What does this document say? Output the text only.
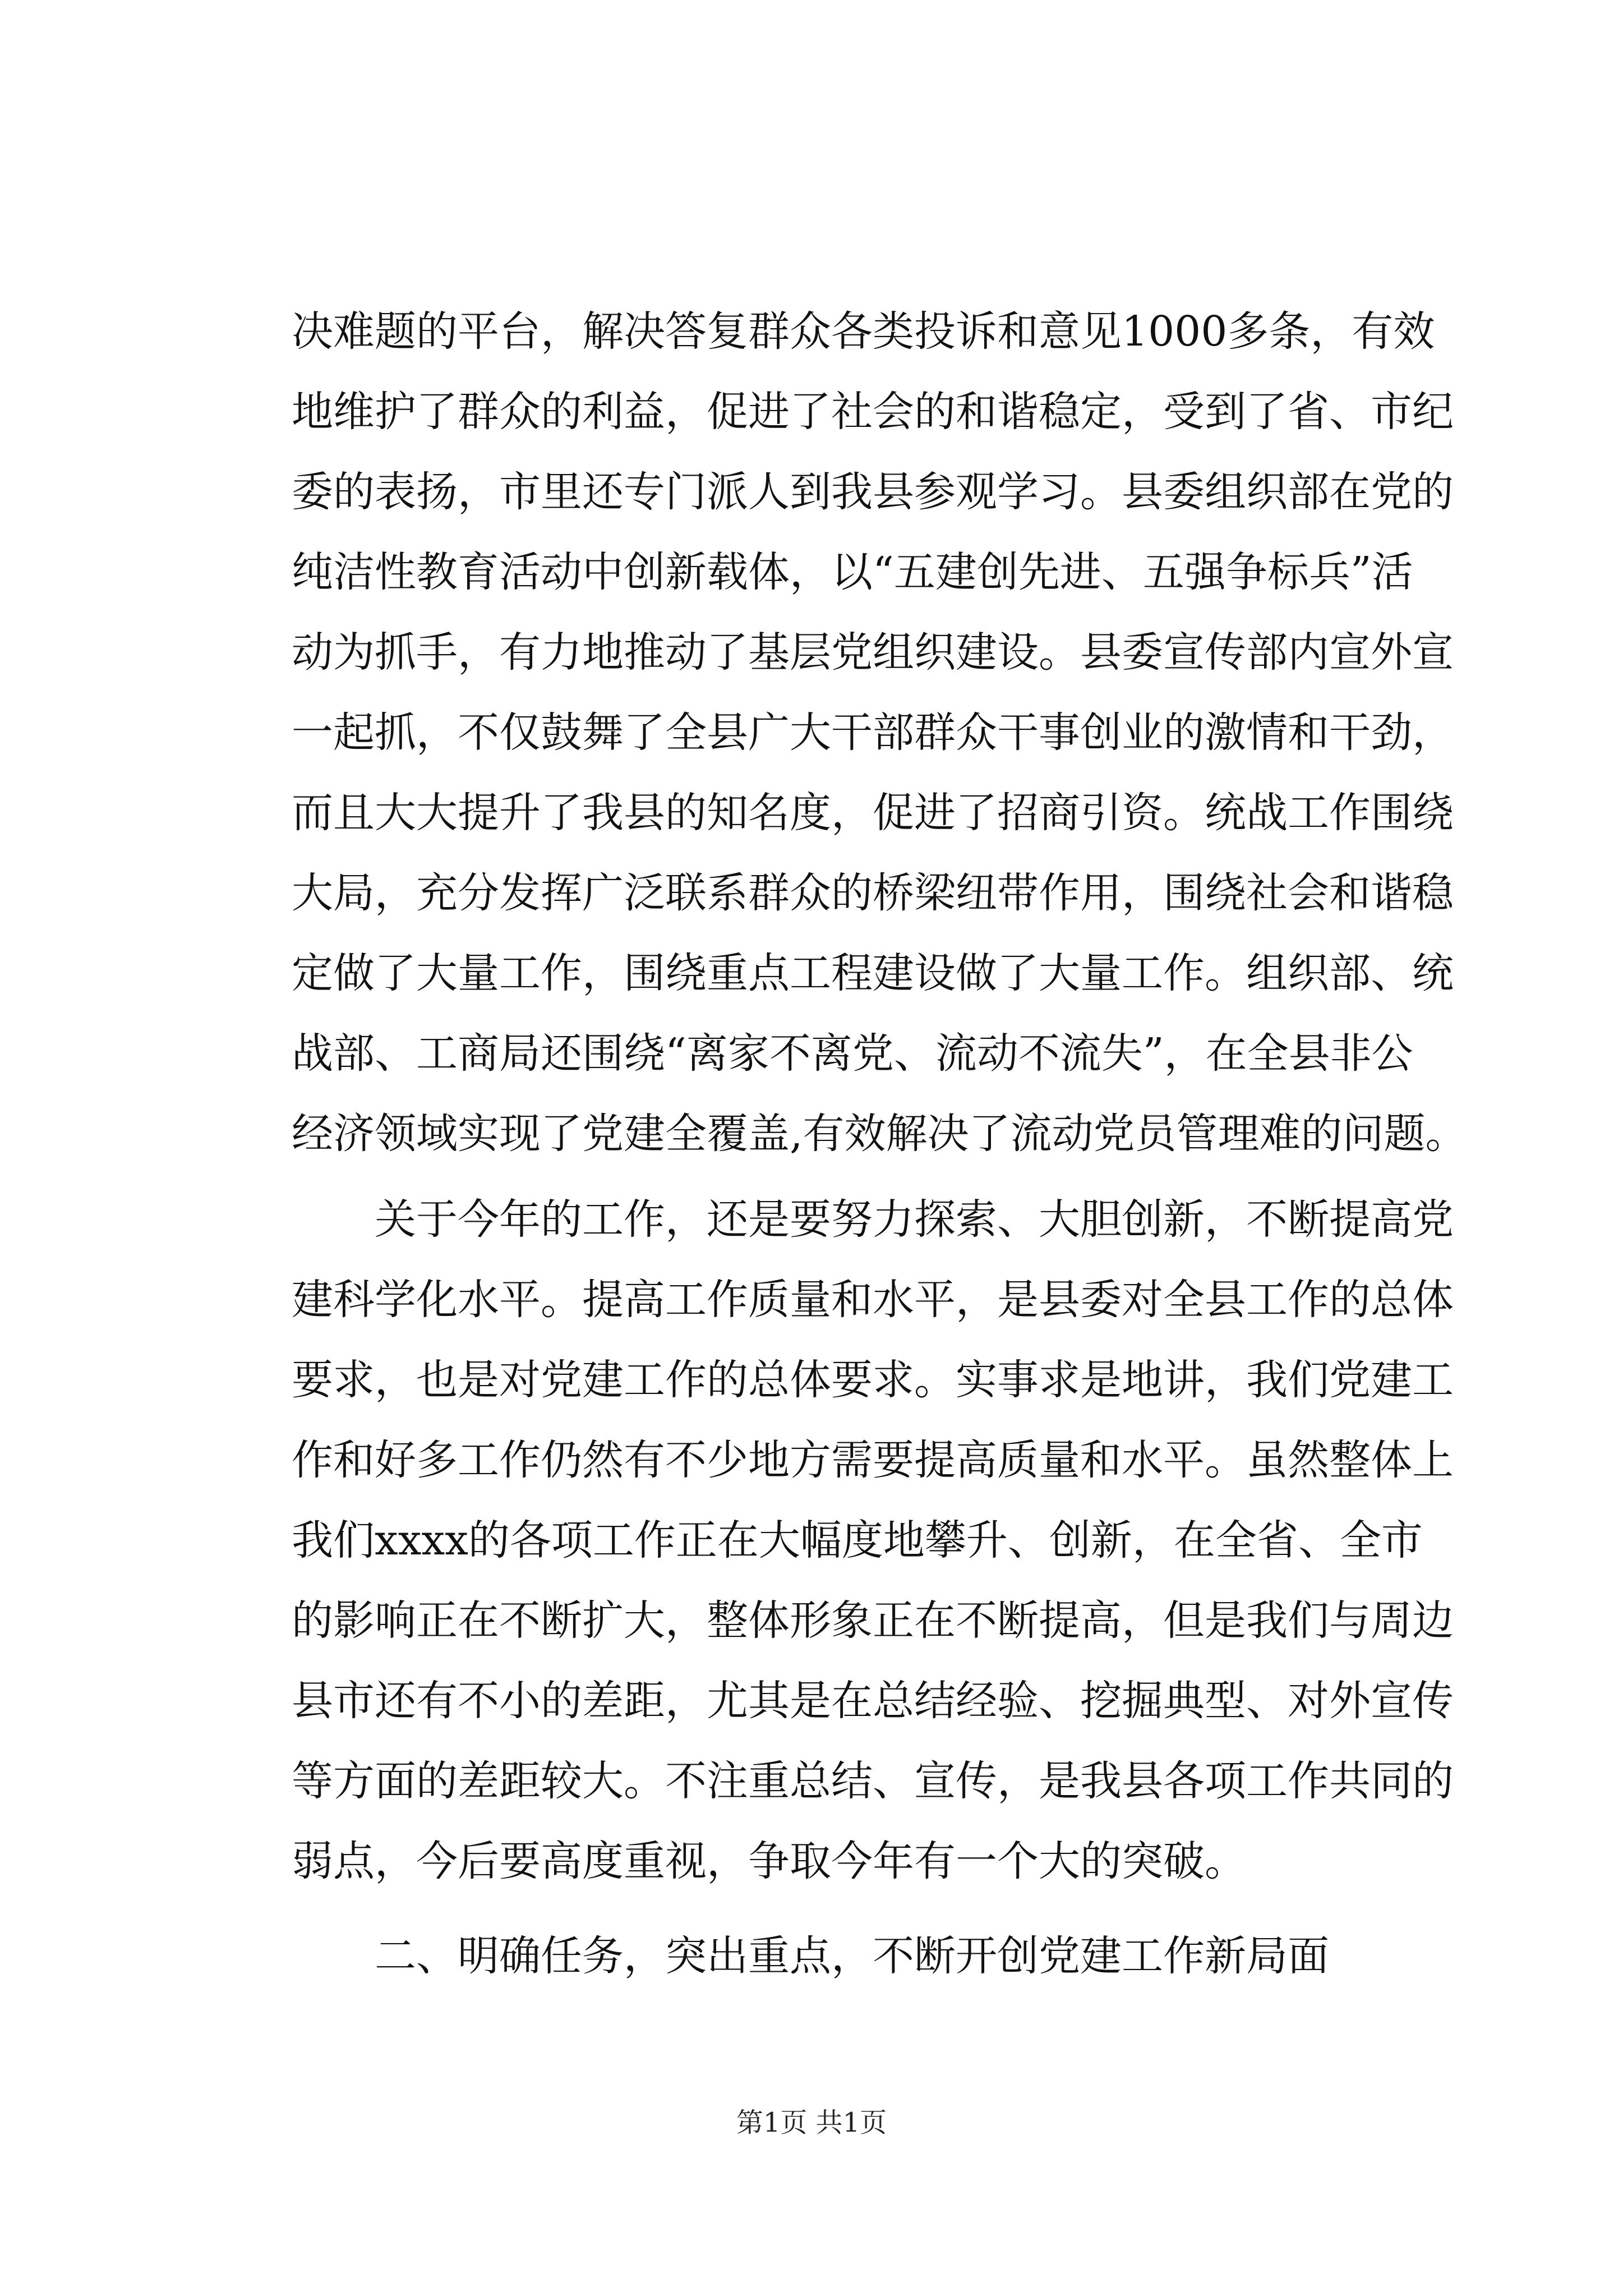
决难题的平台，解决答复群众各类投诉和意见1000多条，有效
地维护了群众的利益，促进了社会的和谐稳定，受到了省、市纪
委的表扬，市里还专门派人到我县参观学习。县委组织部在党的
纯洁性教育活动中创新载体，以“五建创先进、五强争标兵”活
动为抓手，有力地推动了基层党组织建设。县委宣传部内宣外宣
一起抓，不仅鼓舞了全县广大干部群众干事创业的激情和干劲，
而且大大提升了我县的知名度，促进了招商引资。统战工作围绕
大局，充分发挥广泛联系群众的桥梁纽带作用，围绕社会和谐稳
定做了大量工作，围绕重点工程建设做了大量工作。组织部、统
战部、工商局还围绕“离家不离党、流动不流失”，在全县非公
经济领域实现了党建全覆盖,有效解决了流动党员管理难的问题。
关于今年的工作，还是要努力探索、大胆创新，不断提高党
建科学化水平。提高工作质量和水平，是县委对全县工作的总体
要求，也是对党建工作的总体要求。实事求是地讲，我们党建工
作和好多工作仍然有不少地方需要提高质量和水平。虽然整体上
我们xxxx的各项工作正在大幅度地攀升、创新，在全省、全市
的影响正在不断扩大，整体形象正在不断提高，但是我们与周边
县市还有不小的差距，尤其是在总结经验、挖掘典型、对外宣传
等方面的差距较大。不注重总结、宣传，是我县各项工作共同的
弱点，今后要高度重视，争取今年有一个大的突破。
二、明确任务，突出重点，不断开创党建工作新局面
第1页 共1页
